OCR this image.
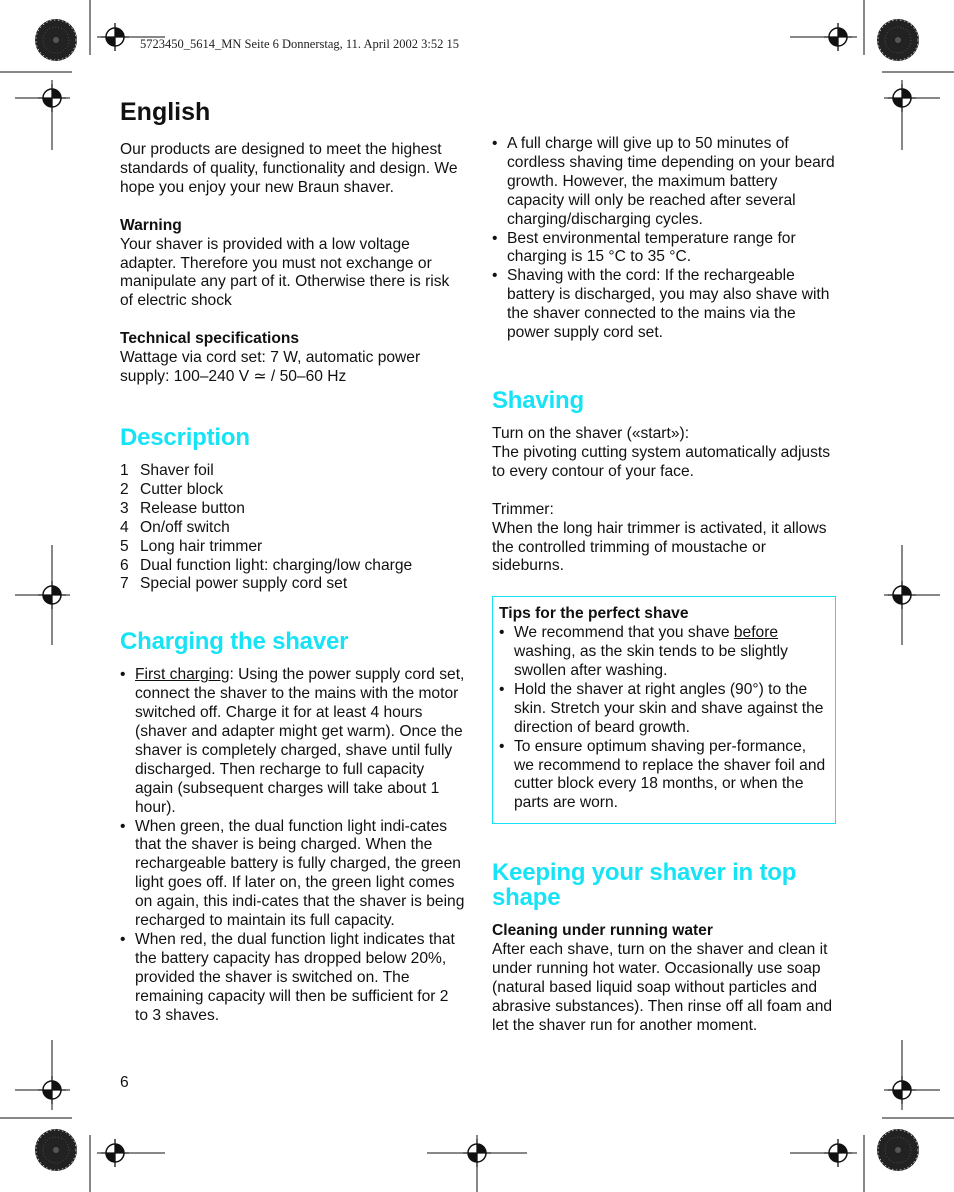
5723450_5614_MN Seite 6 Donnerstag, 11. April 2002 3:52 15
English

Our products are designed to meet the highest standards of quality, functionality and design. We hope you enjoy your new Braun shaver.

Warning

Your shaver is provided with a low voltage adapter. Therefore you must not exchange or manipulate any part of it. Otherwise there is risk of electric shock

Technical specifications

Wattage via cord set: 7 W, automatic power

supply: 100–240 V ≃ / 50–60 Hz

Description
1 Shaver foil
2 Cutter block
3 Release button
4 On/off switch
5 Long hair trimmer
6 Dual function light: charging/low charge
7 Special power supply cord set
Charging the shaver
• First charging: Using the power supply cord set, connect the shaver to the mains with the motor switched off. Charge it for at least 4 hours (shaver and adapter might get warm). Once the shaver is completely charged, shave until fully discharged. Then recharge to full capacity again (subsequent charges will take about 1 hour).
• When green, the dual function light indi-cates that the shaver is being charged. When the rechargeable battery is fully charged, the green light goes off. If later on, the green light comes on again, this indi-cates that the shaver is being recharged to maintain its full capacity.
• When red, the dual function light indicates that the battery capacity has dropped below 20%, provided the shaver is switched on. The remaining capacity will then be sufficient for 2 to 3 shaves.
• A full charge will give up to 50 minutes of cordless shaving time depending on your beard growth. However, the maximum battery capacity will only be reached after several charging/discharging cycles.
• Best environmental temperature range for charging is 15 °C to 35 °C.
• Shaving with the cord: If the rechargeable battery is discharged, you may also shave with the shaver connected to the mains via the power supply cord set.
Shaving

Turn on the shaver («start»):

The pivoting cutting system automatically adjusts to every contour of your face.

Trimmer:

When the long hair trimmer is activated, it allows the controlled trimming of moustache or sideburns.

Tips for the perfect shave

• We recommend that you shave before washing, as the skin tends to be slightly swollen after washing.
• Hold the shaver at right angles (90°) to the skin. Stretch your skin and shave against the direction of beard growth.
• To ensure optimum shaving per-formance, we recommend to replace the shaver foil and cutter block every 18 months, or when the parts are worn.
Keeping your shaver in top shape

Cleaning under running water

After each shave, turn on the shaver and clean it under running hot water. Occasionally use soap (natural based liquid soap without particles and abrasive substances). Then rinse off all foam and let the shaver run for another moment.

6
